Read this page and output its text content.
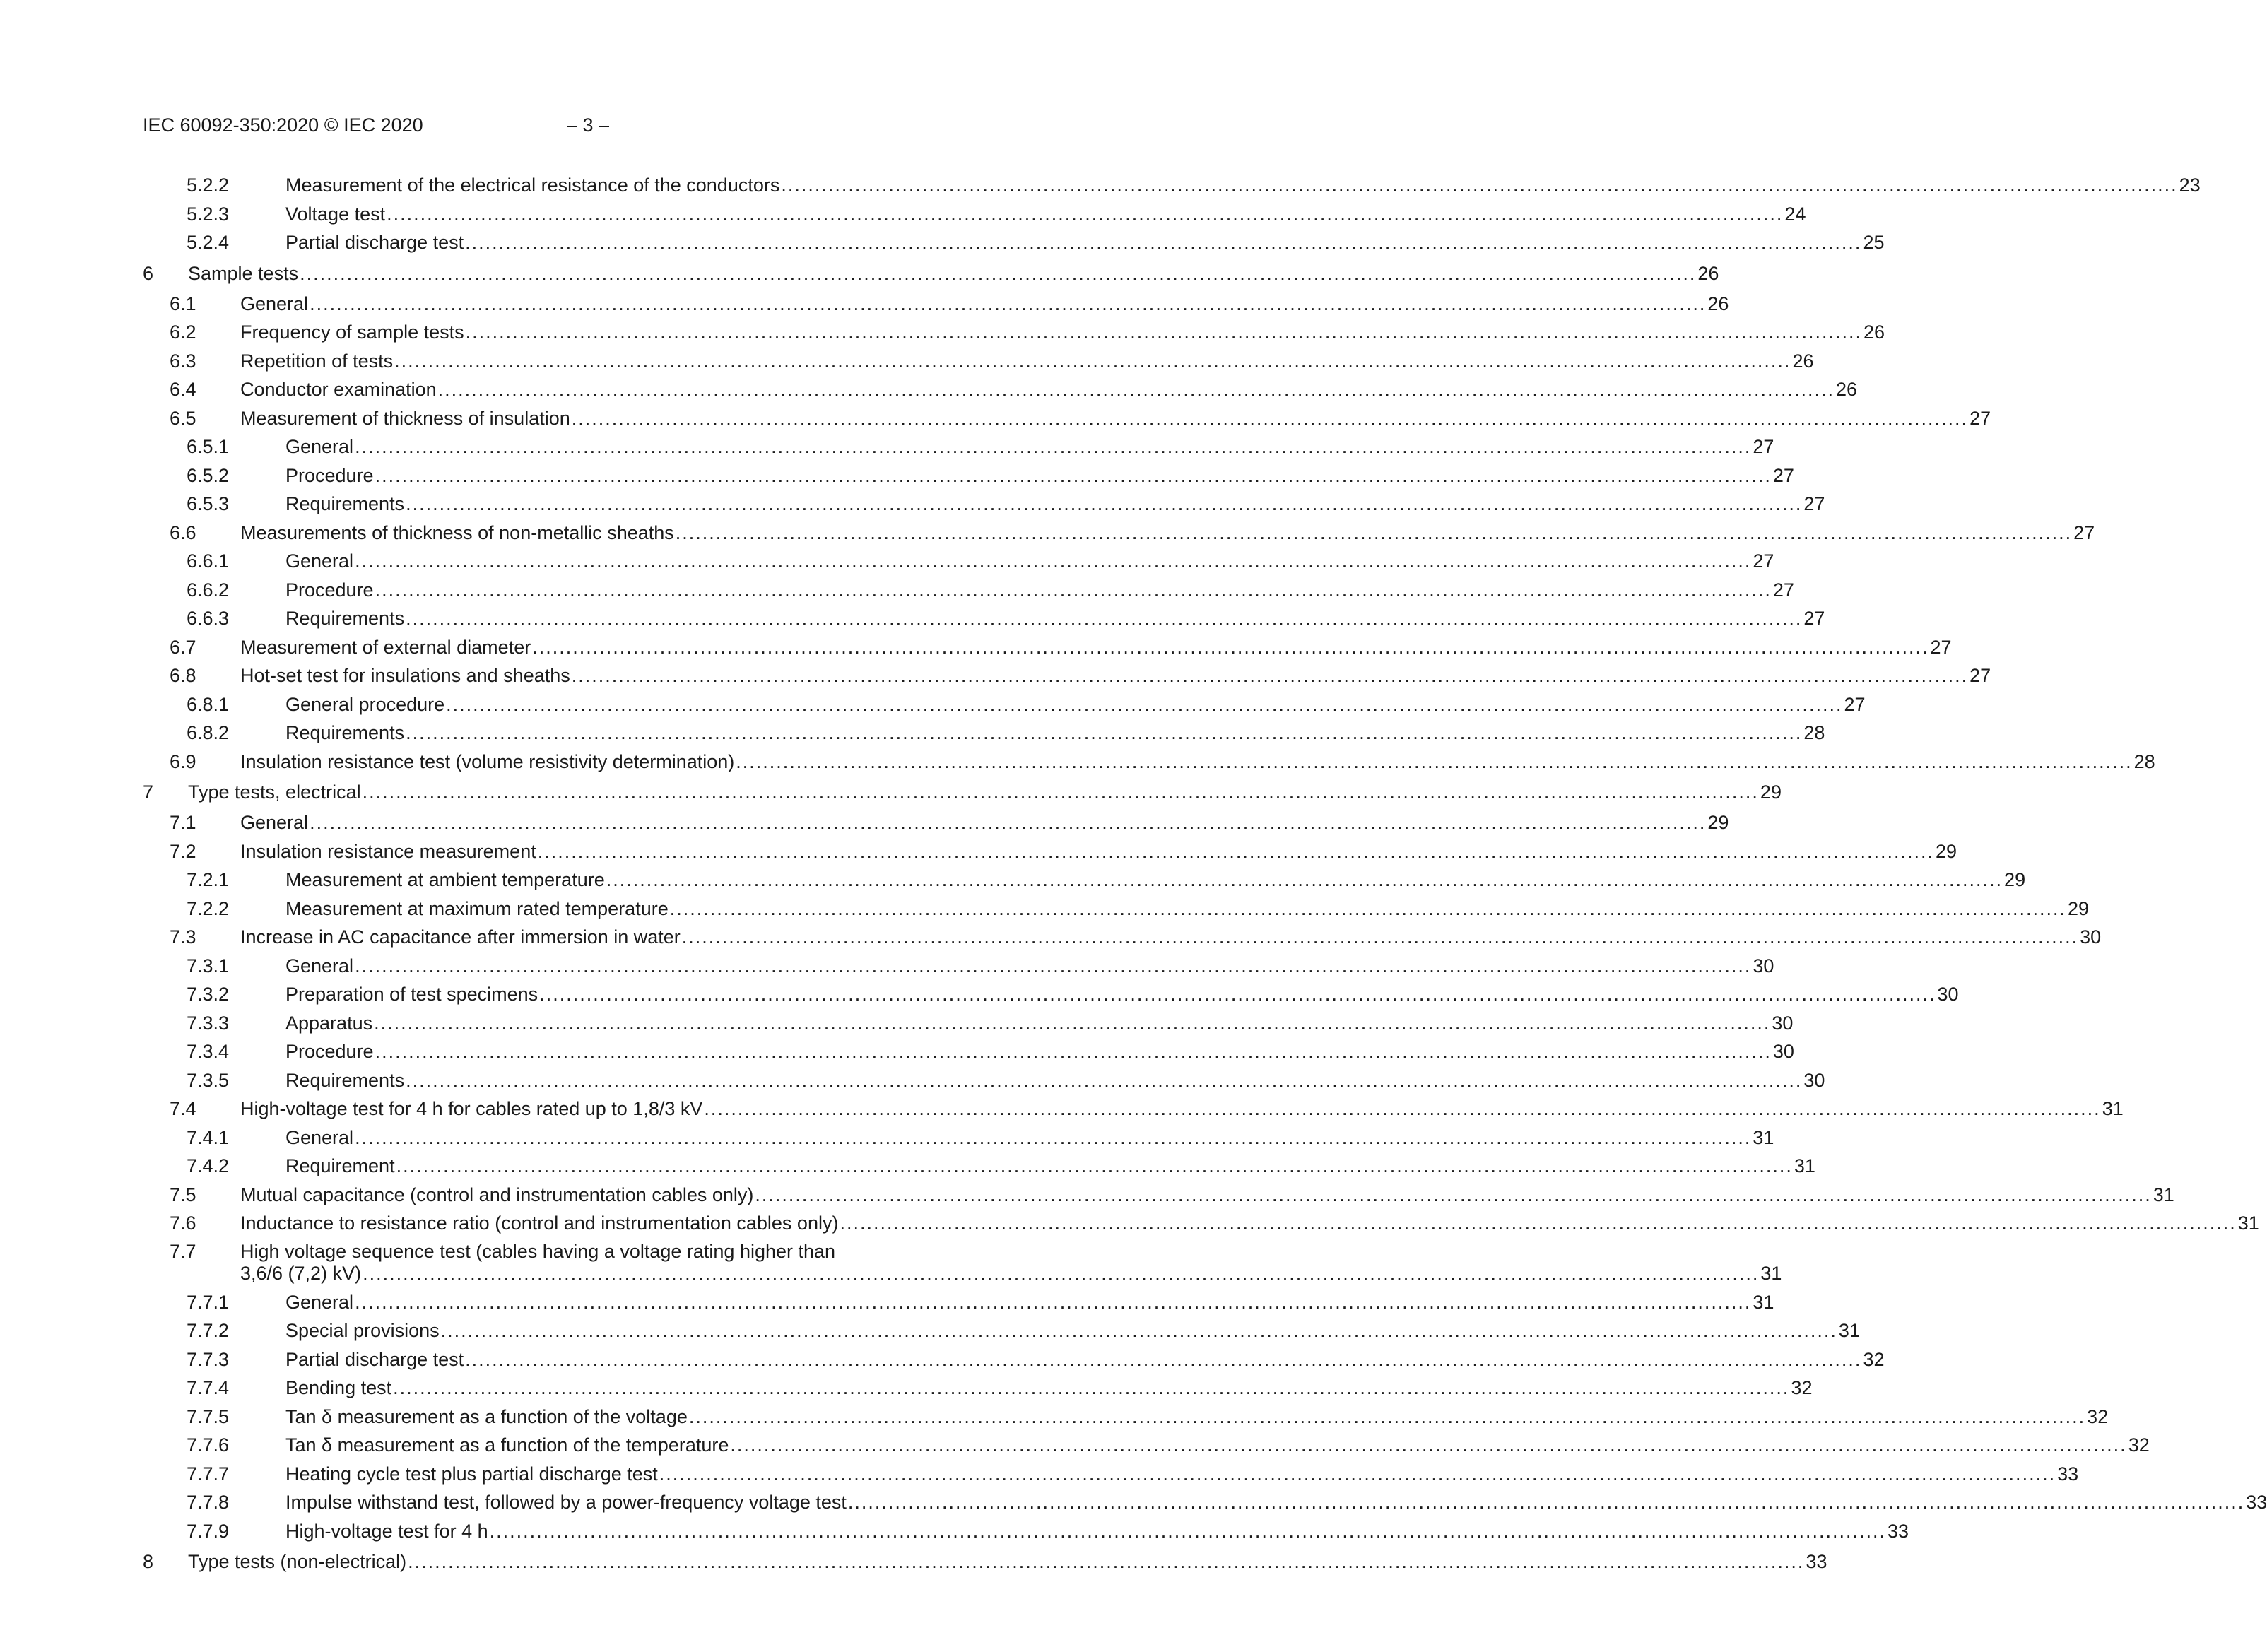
IEC 60092-350:2020 © IEC 2020	– 3 –
5.2.2	Measurement of the electrical resistance of the conductors .....	23
5.2.3	Voltage test .....	24
5.2.4	Partial discharge test .....	25
6 Sample tests .....	26
6.1 General .....	26
6.2 Frequency of sample tests .....	26
6.3 Repetition of tests .....	26
6.4 Conductor examination .....	26
6.5 Measurement of thickness of insulation .....	27
6.5.1	General .....	27
6.5.2	Procedure .....	27
6.5.3	Requirements .....	27
6.6 Measurements of thickness of non-metallic sheaths .....	27
6.6.1	General .....	27
6.6.2	Procedure .....	27
6.6.3	Requirements .....	27
6.7 Measurement of external diameter .....	27
6.8 Hot-set test for insulations and sheaths .....	27
6.8.1	General procedure .....	27
6.8.2	Requirements .....	28
6.9 Insulation resistance test (volume resistivity determination) .....	28
7 Type tests, electrical .....	29
7.1 General .....	29
7.2 Insulation resistance measurement .....	29
7.2.1	Measurement at ambient temperature .....	29
7.2.2	Measurement at maximum rated temperature .....	29
7.3 Increase in AC capacitance after immersion in water .....	30
7.3.1	General .....	30
7.3.2	Preparation of test specimens .....	30
7.3.3	Apparatus .....	30
7.3.4	Procedure .....	30
7.3.5	Requirements .....	30
7.4 High-voltage test for 4 h for cables rated up to 1,8/3 kV .....	31
7.4.1	General .....	31
7.4.2	Requirement .....	31
7.5 Mutual capacitance (control and instrumentation cables only) .....	31
7.6 Inductance to resistance ratio (control and instrumentation cables only) .....	31
7.7 High voltage sequence test (cables having a voltage rating higher than
3,6/6 (7,2) kV) .....	31
7.7.1	General .....	31
7.7.2	Special provisions .....	31
7.7.3	Partial discharge test .....	32
7.7.4	Bending test .....	32
7.7.5	Tan δ measurement as a function of the voltage .....	32
7.7.6	Tan δ measurement as a function of the temperature .....	32
7.7.7	Heating cycle test plus partial discharge test .....	33
7.7.8	Impulse withstand test, followed by a power-frequency voltage test .....	33
7.7.9	High-voltage test for 4 h .....	33
8 Type tests (non-electrical) .....	33
